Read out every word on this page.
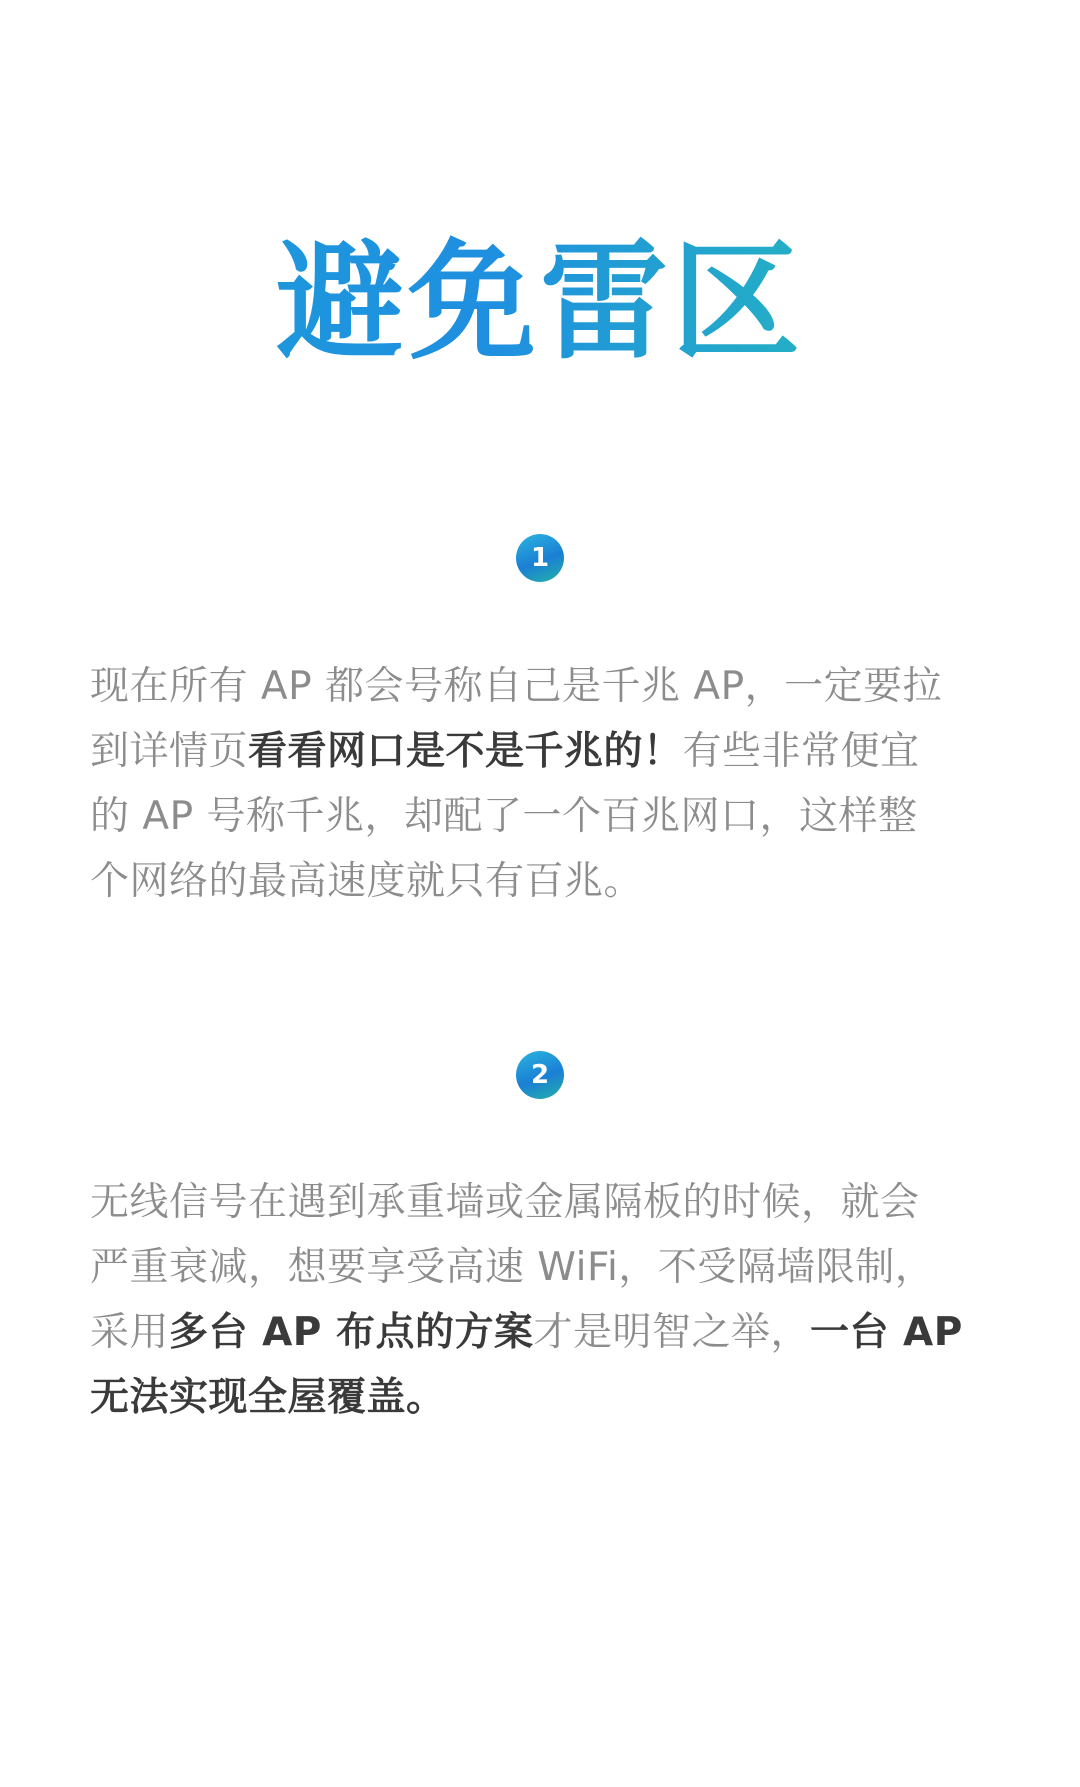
避免雷区
1
现在所有 AP 都会号称自己是千兆 AP，一定要拉
到详情页看看网口是不是千兆的！有些非常便宜
的 AP 号称千兆，却配了一个百兆网口，这样整
个网络的最高速度就只有百兆。
2
无线信号在遇到承重墙或金属隔板的时候，就会
严重衰减，想要享受高速 WiFi，不受隔墙限制，
采用多台 AP 布点的方案才是明智之举，一台 AP
无法实现全屋覆盖。
